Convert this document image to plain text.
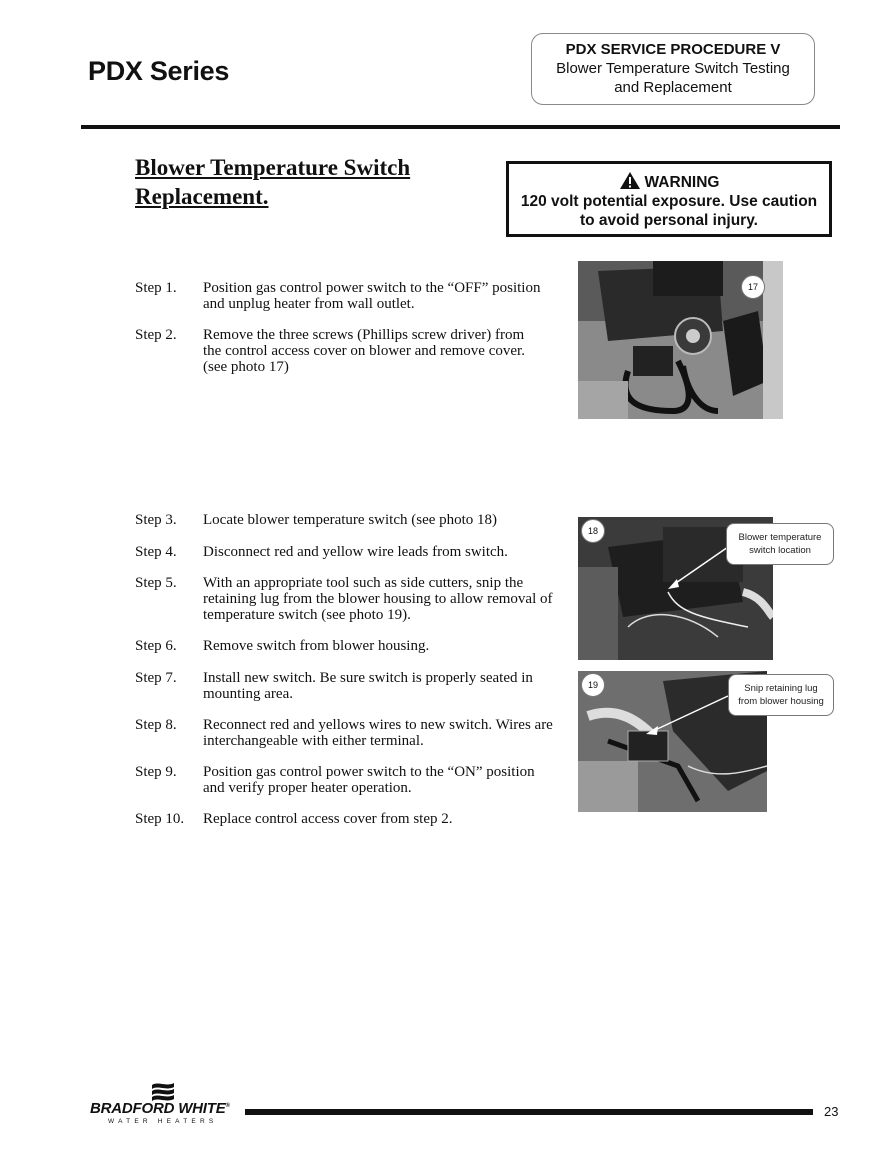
PDX Series
PDX SERVICE PROCEDURE V
Blower Temperature Switch Testing
and Replacement
Blower Temperature Switch
Replacement.
WARNING
120 volt potential exposure. Use caution
to avoid personal injury.
Step 1.	Position gas control power switch to the “OFF” position and unplug heater from wall outlet.
Step 2.	Remove the three screws (Phillips screw driver) from the control access cover on blower and remove cover. (see photo 17)
Step 3.	Locate blower temperature switch (see photo 18)
Step 4.	Disconnect red and yellow wire leads from switch.
Step 5.	With an appropriate tool such as side cutters, snip the retaining lug from the blower housing to allow removal of temperature switch (see photo 19).
Step 6.	Remove switch from blower housing.
Step 7.	Install new switch. Be sure switch is properly seated in mounting area.
Step 8.	Reconnect red and yellows wires to new switch. Wires are interchangeable with either terminal.
Step 9.	Position gas control power switch to the “ON” position and verify proper heater operation.
Step 10.	Replace control access cover from step 2.
17
18
Blower temperature
switch location
19	Snip retaining lug
from blower housing
BRADFORD WHITE®
WATER HEATERS
23
